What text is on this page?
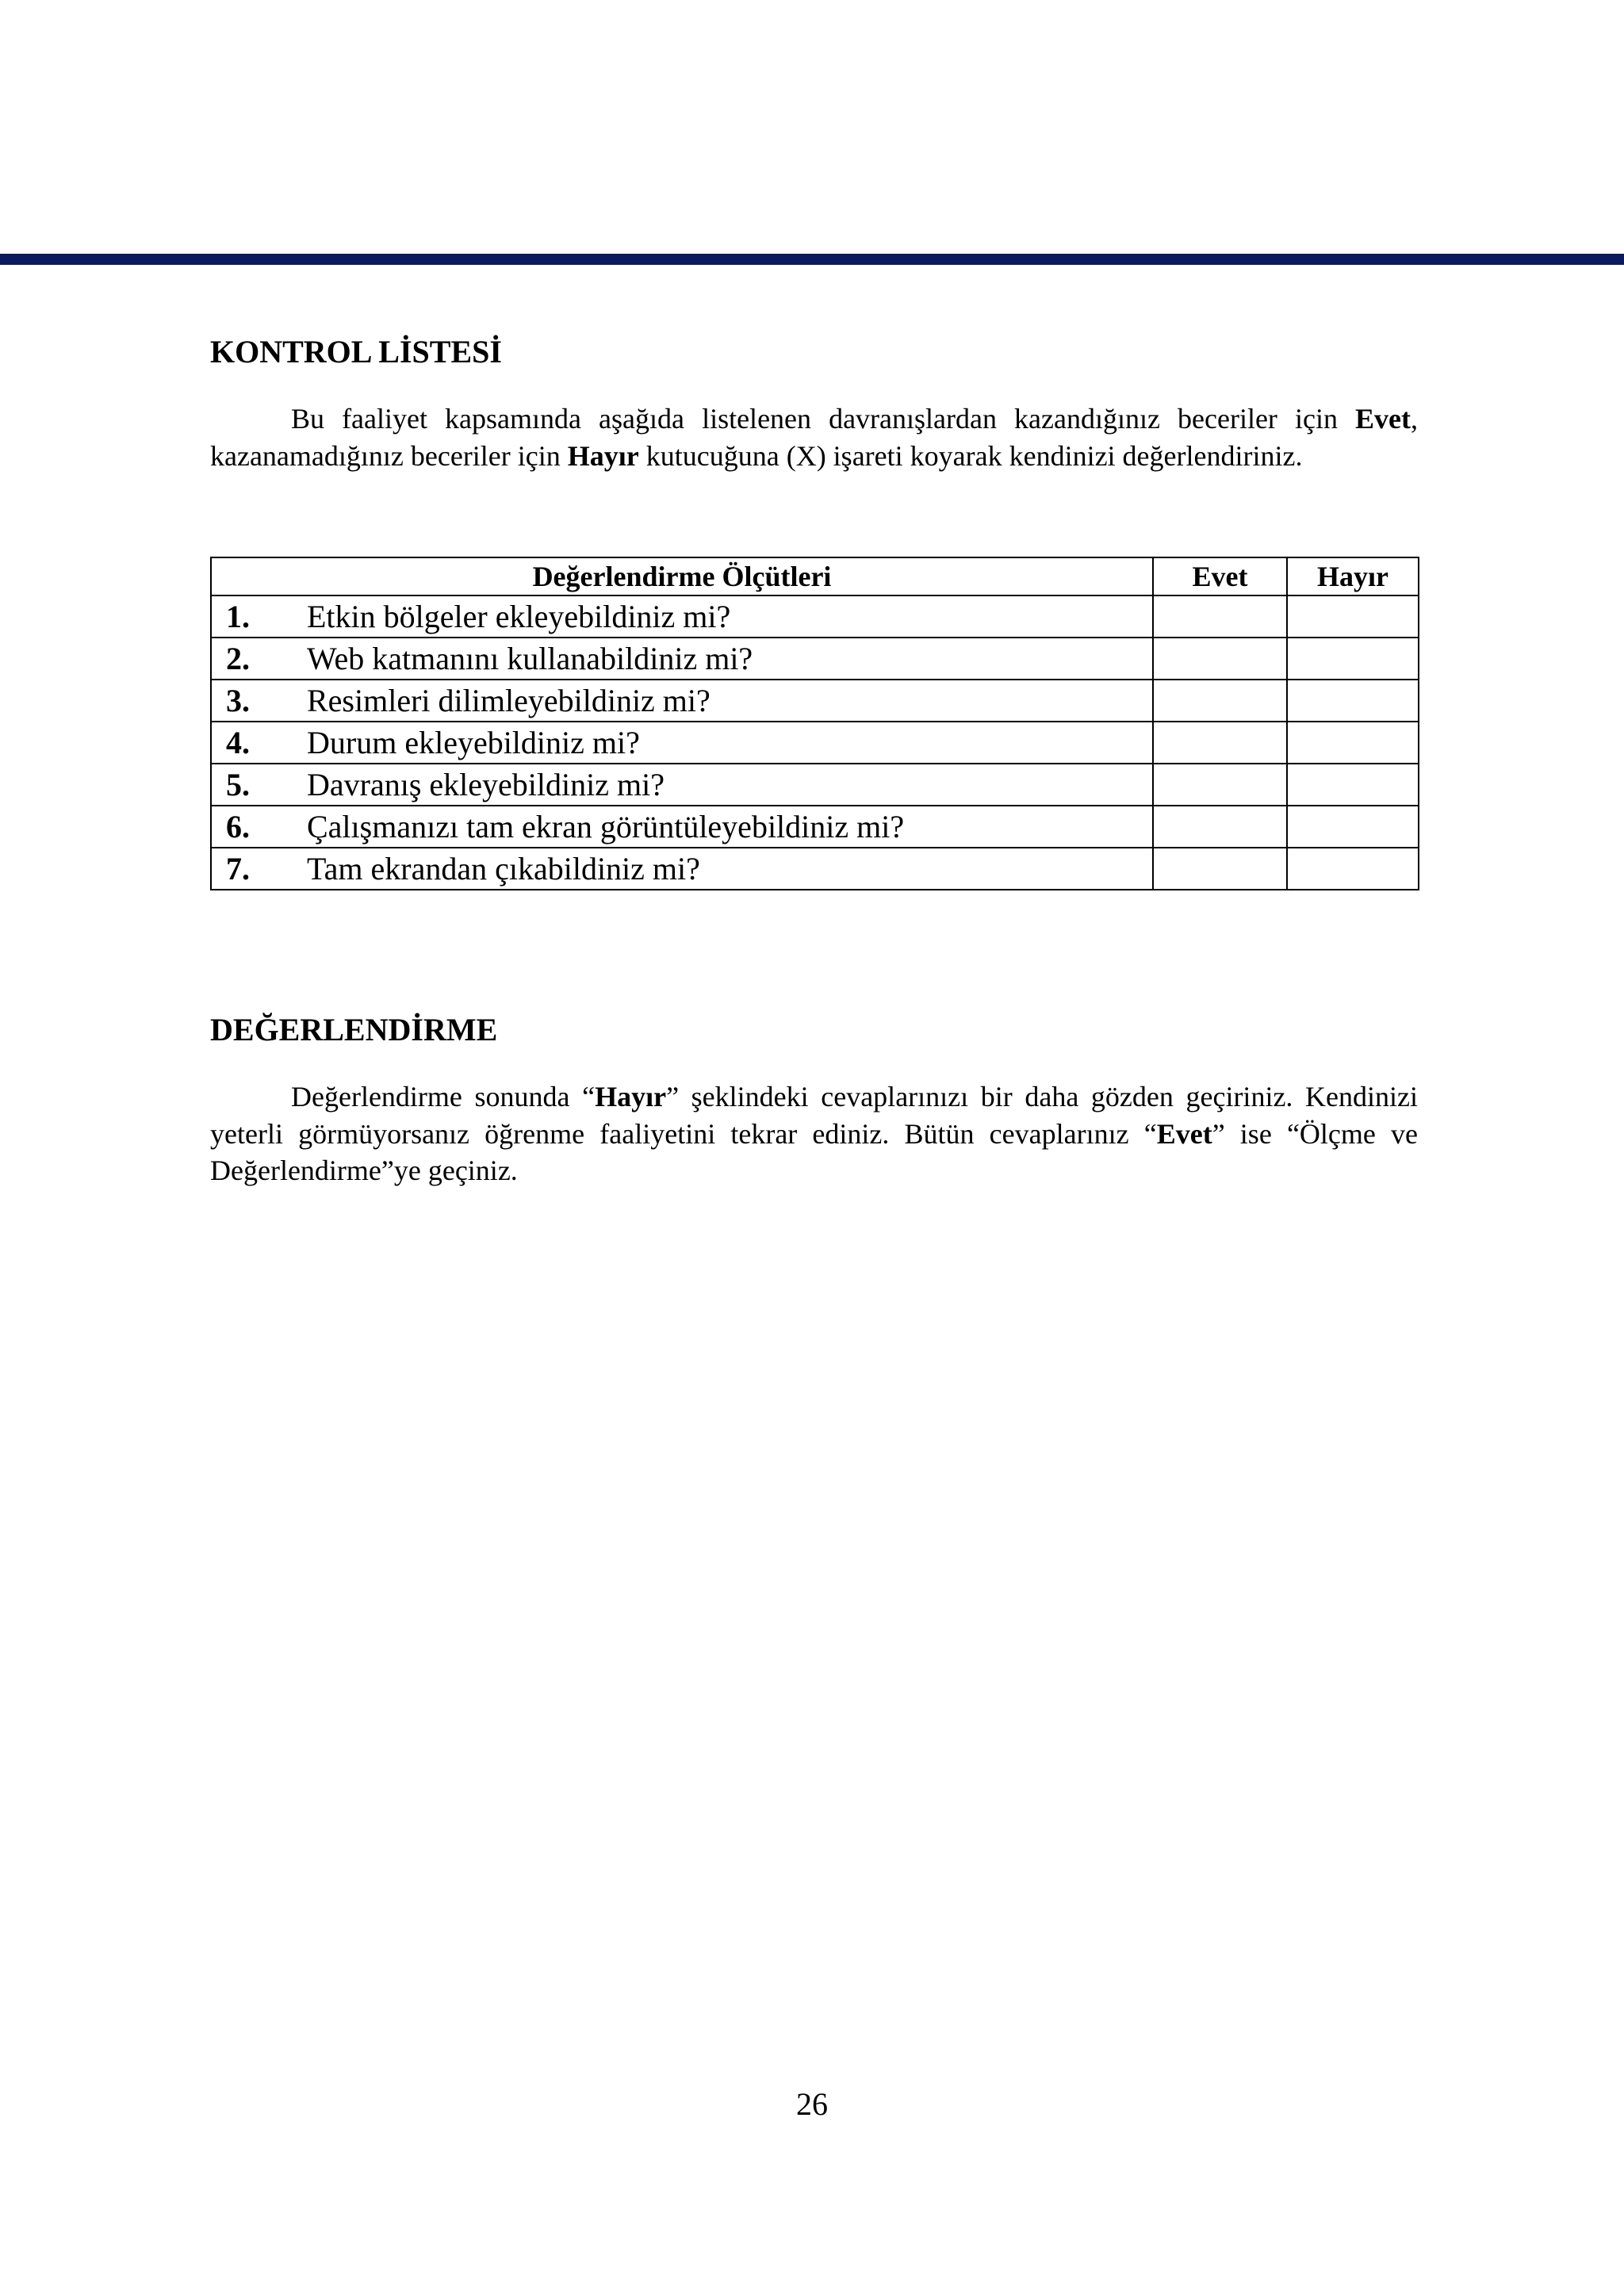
KONTROL LİSTESİ

Bu faaliyet kapsamında aşağıda listelenen davranışlardan kazandığınız beceriler için Evet, kazanamadığınız beceriler için Hayır kutucuğuna (X) işareti koyarak kendinizi değerlendiriniz.

Değerlendirme Ölçütleri	Evet	Hayır

1. Etkin bölgeler ekleyebildiniz mi?		

2. Web katmanını kullanabildiniz mi?		

3. Resimleri dilimleyebildiniz mi?		

4. Durum ekleyebildiniz mi?		

5. Davranış ekleyebildiniz mi?		

6. Çalışmanızı tam ekran görüntüleyebildiniz mi?		

7. Tam ekrandan çıkabildiniz mi?		

DEĞERLENDİRME

Değerlendirme sonunda “Hayır” şeklindeki cevaplarınızı bir daha gözden geçiriniz. Kendinizi yeterli görmüyorsanız öğrenme faaliyetini tekrar ediniz. Bütün cevaplarınız “Evet” ise “Ölçme ve Değerlendirme”ye geçiniz.

26
